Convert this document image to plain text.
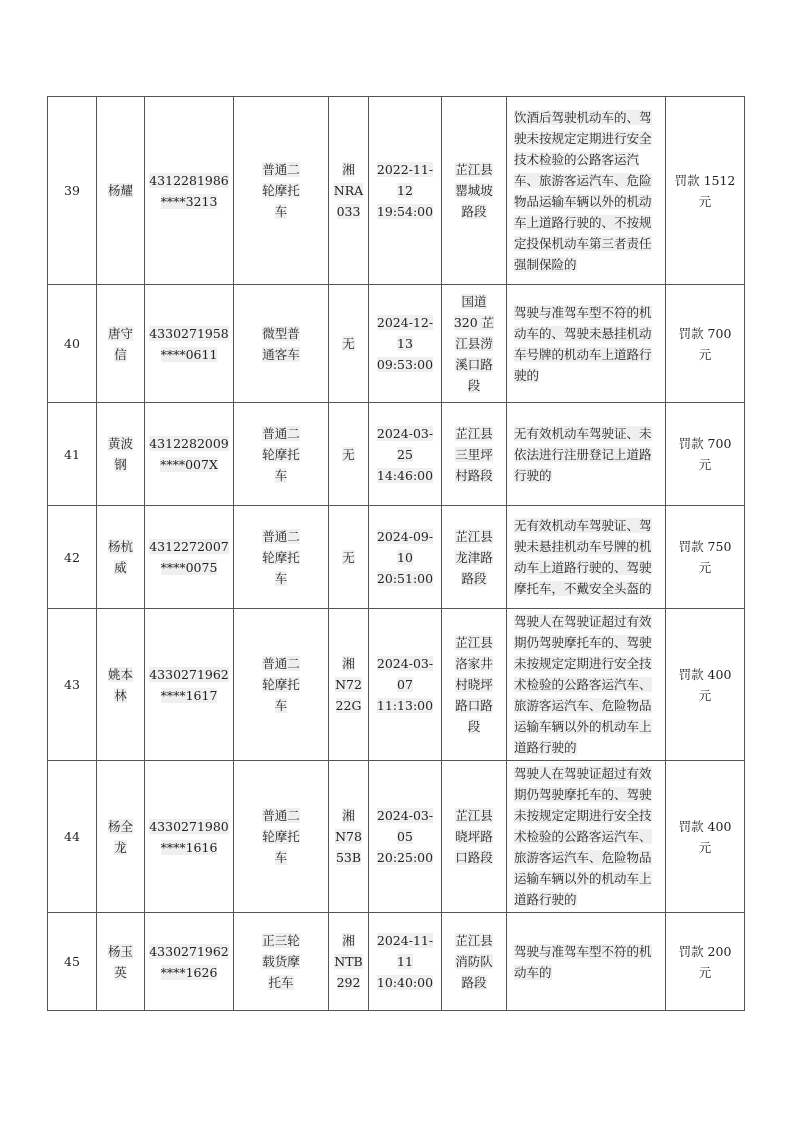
39	杨耀	4312281986
****3213	普通二
轮摩托
车	湘
NRA033	2022-11-
12
19:54:00	芷江县
罂城坡
路段	饮酒后驾驶机动车的、驾驶未按规定定期进行安全技术检验的公路客运汽车、旅游客运汽车、危险物品运输车辆以外的机动车上道路行驶的、不按规定投保机动车第三者责任强制保险的	罚款 1512
元
40	唐守
信	4330271958
****0611	微型普
通客车	无	2024-12-
13
09:53:00	国道
320 芷
江县涝
溪口路
段	驾驶与准驾车型不符的机动车的、驾驶未悬挂机动车号牌的机动车上道路行驶的	罚款 700
元
41	黄波
钢	4312282009
****007X	普通二
轮摩托
车	无	2024-03-
25
14:46:00	芷江县
三里坪
村路段	无有效机动车驾驶证、未依法进行注册登记上道路行驶的	罚款 700
元
42	杨杭
威	4312272007
****0075	普通二
轮摩托
车	无	2024-09-
10
20:51:00	芷江县
龙津路
路段	无有效机动车驾驶证、驾驶未悬挂机动车号牌的机动车上道路行驶的、驾驶摩托车，不戴安全头盔的	罚款 750
元
43	姚本
林	4330271962
****1617	普通二
轮摩托
车	湘
N7222G	2024-03-
07
11:13:00	芷江县
洛家井
村晓坪
路口路
段	驾驶人在驾驶证超过有效期仍驾驶摩托车的、驾驶未按规定定期进行安全技术检验的公路客运汽车、旅游客运汽车、危险物品运输车辆以外的机动车上道路行驶的	罚款 400
元
44	杨全
龙	4330271980
****1616	普通二
轮摩托
车	湘
N7853B	2024-03-
05
20:25:00	芷江县
晓坪路
口路段	驾驶人在驾驶证超过有效期仍驾驶摩托车的、驾驶未按规定定期进行安全技术检验的公路客运汽车、旅游客运汽车、危险物品运输车辆以外的机动车上道路行驶的	罚款 400
元
45	杨玉
英	4330271962
****1626	正三轮
载货摩
托车	湘
NTB292	2024-11-
11
10:40:00	芷江县
消防队
路段	驾驶与准驾车型不符的机动车的	罚款 200
元
